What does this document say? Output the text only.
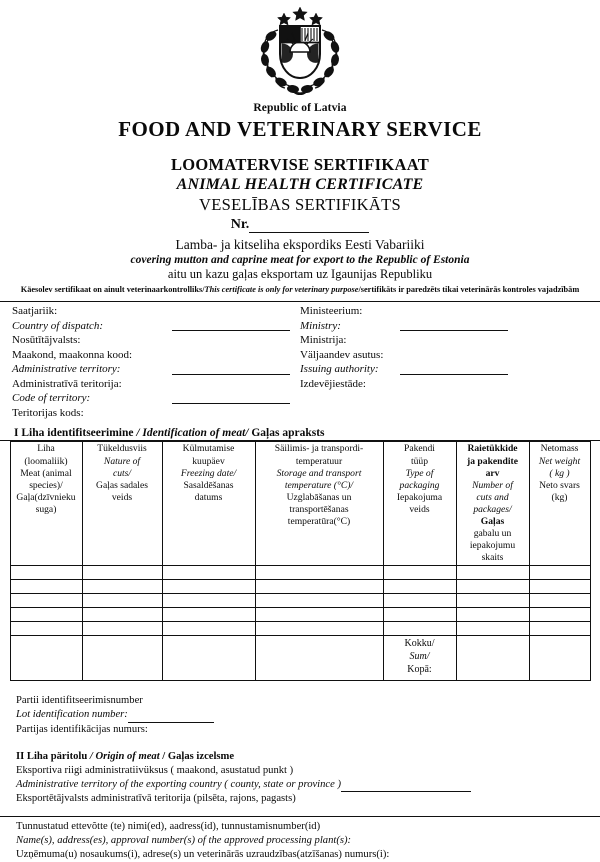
Republic of Latvia
FOOD AND VETERINARY SERVICE
LOOMATERVISE SERTIFIKAAT
ANIMAL HEALTH CERTIFICATE
VESELĪBAS SERTIFIKĀTS
Nr.
Lamba- ja kitseliha ekspordiks Eesti Vabariiki
covering mutton and caprine meat for export to the Republic of Estonia
aitu un kazu gaļas eksportam uz Igaunijas Republiku
Käesolev sertifikaat on ainult veterinaarkontrolliks/This certificate is only for veterinary purpose/sertifikāts ir paredzēts tikai veterinārās kontroles vajadzībām
Saatjariik:
Country of dispatch:
Nosūtītājvalsts:
Maakond, maakonna kood:
Administrative territory:
Administratīvā teritorija:
Code of territory:
Teritorijas kods:
Ministeerium:
Ministry:
Ministrija:
Väljaandev asutus:
Issuing authority:
Izdevējiestāde:
I Liha identifitseerimine / Identification of meat/ Gaļas apraksts
Liha
(loomaliik)
Meat (animal
species)/
Gaļa(dzīvnieku
suga)

Tükeldusviis
Nature of
cuts/
Gaļas sadales
veids

Külmutamise
kuupäev
Freezing date/
Sasaldēšanas
datums

Säilimis- ja transpordi-
temperatuur
Storage and transport
temperature (°C)/
Uzglabāšanas un
transportēšanas
temperatūra(°C)

Pakendi
tüüp
Type of
packaging
Iepakojuma
veids

Raietükkide
ja pakendite
arv
Number of
cuts and
packages/
Gaļas
gabalu un
iepakojumu
skaits

Netomass
Net weight
( kg )
Neto svars
(kg)

				Kokku/
Sum/
Kopā:		

Partii identifitseerimisnumber
Lot identification number:
Partijas identifikācijas numurs:
II Liha päritolu / Origin of meat / Gaļas izcelsme
Eksportiva riigi administratiivüksus ( maakond, asustatud punkt )
Administrative territory of the exporting country ( county, state or province )
Eksportētājvalsts administratīvā teritorija (pilsēta, rajons, pagasts)
Tunnustatud ettevõtte (te) nimi(ed), aadress(id), tunnustamisnumber(id)
Name(s), address(es), approval number(s) of the approved processing plant(s):
Uzņēmuma(u) nosaukums(i), adrese(s) un veterinārās uzraudzības(atzīšanas) numurs(i):
